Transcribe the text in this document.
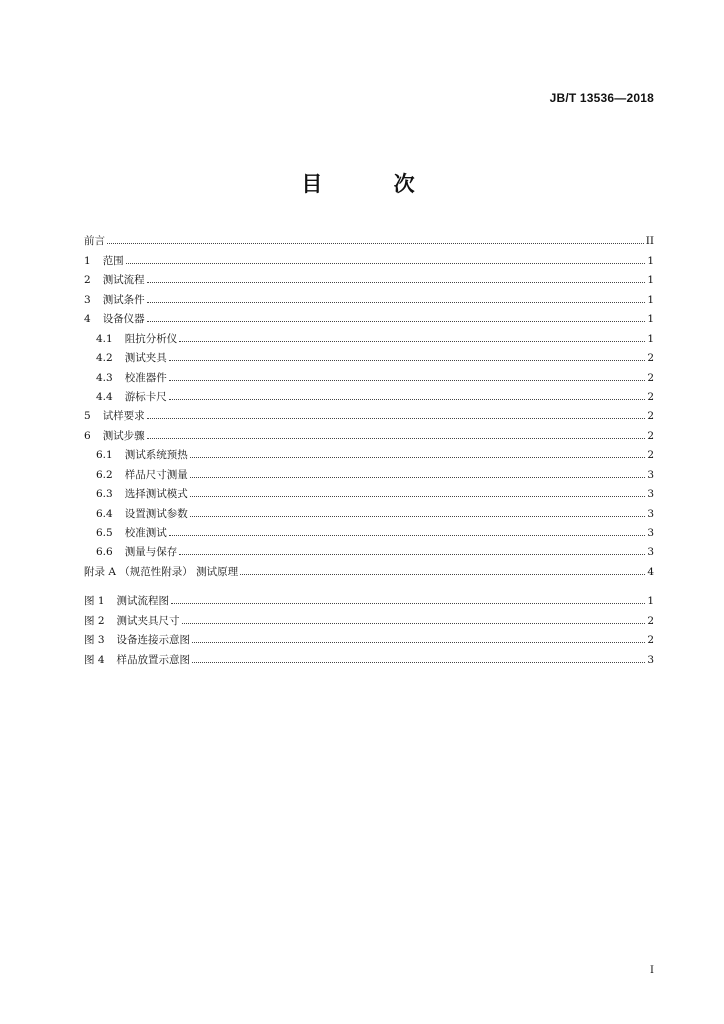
JB/T 13536—2018
目 次
前言	II
1 范围	1
2 测试流程	1
3 测试条件	1
4 设备仪器	1
4.1 阻抗分析仪	1
4.2 测试夹具	2
4.3 校准器件	2
4.4 游标卡尺	2
5 试样要求	2
6 测试步骤	2
6.1 测试系统预热	2
6.2 样品尺寸测量	3
6.3 选择测试模式	3
6.4 设置测试参数	3
6.5 校准测试	3
6.6 测量与保存	3
附录 A （规范性附录） 测试原理	4
图 1 测试流程图	1
图 2 测试夹具尺寸	2
图 3 设备连接示意图	2
图 4 样品放置示意图	3
I
